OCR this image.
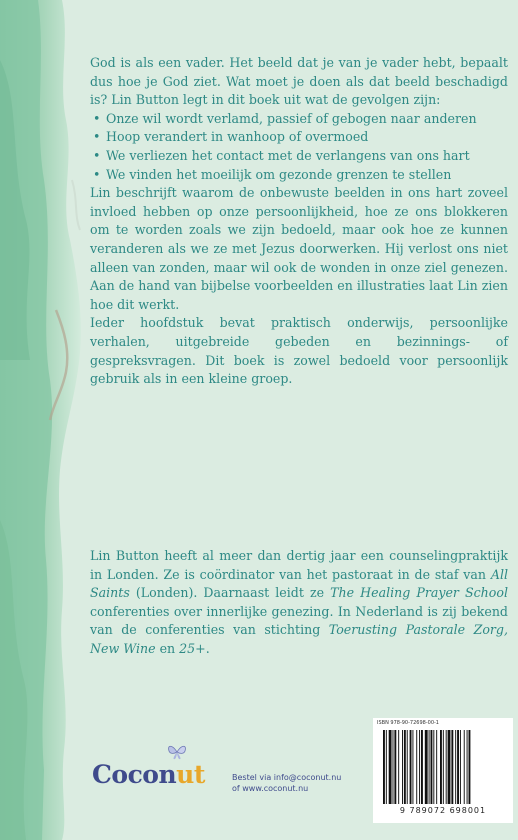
God is als een vader. Het beeld dat je van je vader hebt, bepaalt dus hoe je God ziet. Wat moet je doen als dat beeld beschadigd is? Lin Button legt in dit boek uit wat de gevolgen zijn:

• Onze wil wordt verlamd, passief of gebogen naar anderen
• Hoop verandert in wanhoop of overmoed
• We verliezen het contact met de verlangens van ons hart
• We vinden het moeilijk om gezonde grenzen te stellen

Lin beschrijft waarom de onbewuste beelden in ons hart zoveel invloed hebben op onze persoonlijkheid, hoe ze ons blokkeren om te worden zoals we zijn bedoeld, maar ook hoe ze kunnen veranderen als we ze met Jezus doorwerken. Hij verlost ons niet alleen van zonden, maar wil ook de wonden in onze ziel genezen. Aan de hand van bijbelse voorbeelden en illustraties laat Lin zien hoe dit werkt.

Ieder hoofdstuk bevat praktisch onderwijs, persoonlijke verhalen, uitgebreide gebeden en bezinnings- of gespreksvragen. Dit boek is zowel bedoeld voor persoonlijk gebruik als in een kleine groep.

Lin Button heeft al meer dan dertig jaar een counselingpraktijk in Londen. Ze is coördinator van het pastoraat in de staf van All Saints (Londen). Daarnaast leidt ze The Healing Prayer School conferenties over innerlijke genezing. In Nederland is zij bekend van de conferenties van stichting Toerusting Pastorale Zorg, New Wine en 25+.

Coconut	Bestel via info@coconut.nu
of www.coconut.nu
ISBN 978-90-72698-00-1
9 789072 698001
